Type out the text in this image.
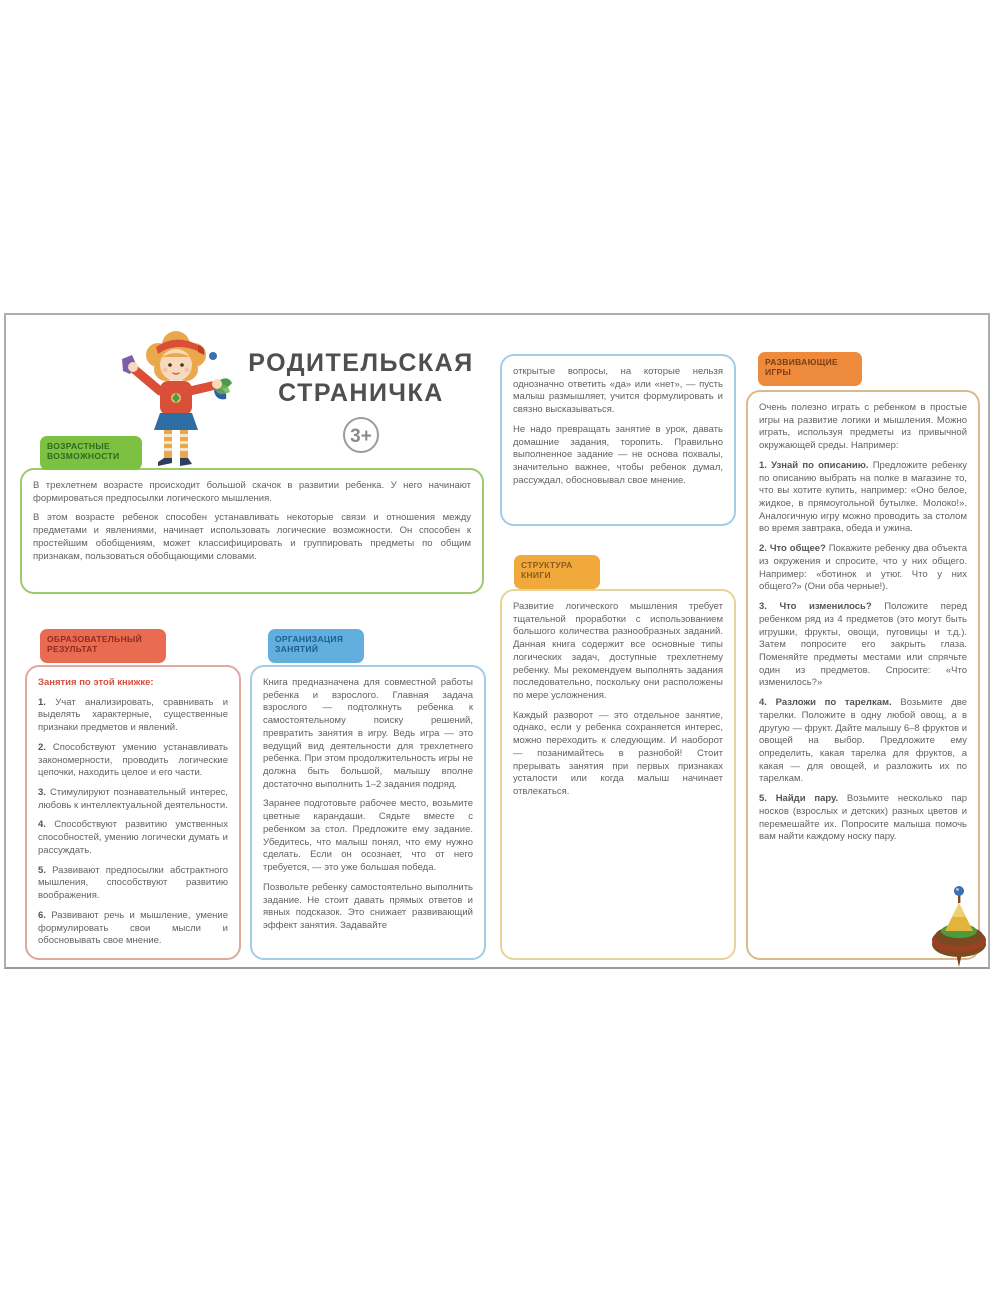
РОДИТЕЛЬСКАЯ
СТРАНИЧКА
3+
ВОЗРАСТНЫЕ ВОЗМОЖНОСТИ

В трехлетнем возрасте происходит большой скачок в развитии ребенка. У него начинают формироваться предпосылки логического мышления.

В этом возрасте ребенок способен устанавливать некоторые связи и отношения между предметами и явлениями, начинает использовать логические возможности. Он способен к простейшим обобщениям, может классифицировать и группировать предметы по общим признакам, пользоваться обобщающими словами.

ОБРАЗОВАТЕЛЬНЫЙ РЕЗУЛЬТАТ

Занятия по этой книжке:

1. Учат анализировать, сравнивать и выделять характерные, существенные признаки предметов и явлений.

2. Способствуют умению устанавливать закономерности, проводить логические цепочки, находить целое и его части.

3. Стимулируют познавательный интерес, любовь к интеллектуальной деятельности.

4. Способствуют развитию умственных способностей, умению логически думать и рассуждать.

5. Развивают предпосылки абстрактного мышления, способствуют развитию воображения.

6. Развивают речь и мышление, умение формулировать свои мысли и обосновывать свое мнение.

ОРГАНИЗАЦИЯ ЗАНЯТИЙ

Книга предназначена для совместной работы ребенка и взрослого. Главная задача взрослого — подтолкнуть ребенка к самостоятельному поиску решений, превратить занятия в игру. Ведь игра — это ведущий вид деятельности для трехлетнего ребенка. При этом продолжительность игры не должна быть большой, малышу вполне достаточно выполнить 1–2 задания подряд.

Заранее подготовьте рабочее место, возьмите цветные карандаши. Сядьте вместе с ребенком за стол. Предложите ему задание. Убедитесь, что малыш понял, что ему нужно сделать. Если он осознает, что от него требуется, — это уже большая победа.

Позвольте ребенку самостоятельно выполнить задание. Не стоит давать прямых ответов и явных подсказок. Это снижает развивающий эффект занятия. Задавайте

открытые вопросы, на которые нельзя однозначно ответить «да» или «нет», — пусть малыш размышляет, учится формулировать и связно высказываться.

Не надо превращать занятие в урок, давать домашние задания, торопить. Правильно выполненное задание — не основа похвалы, значительно важнее, чтобы ребенок думал, рассуждал, обосновывал свое мнение.

СТРУКТУРА КНИГИ

Развитие логического мышления требует тщательной проработки с использованием большого количества разнообразных заданий. Данная книга содержит все основные типы логических задач, доступные трехлетнему ребенку. Мы рекомендуем выполнять задания последовательно, поскольку они расположены по мере усложнения.

Каждый разворот — это отдельное занятие, однако, если у ребенка сохраняется интерес, можно переходить к следующим. И наоборот — позанимайтесь в разнобой! Стоит прерывать занятия при первых признаках усталости или когда малыш начинает отвлекаться.

РАЗВИВАЮЩИЕ ИГРЫ

Очень полезно играть с ребенком в простые игры на развитие логики и мышления. Можно играть, используя предметы из привычной окружающей среды. Например:

1. Узнай по описанию. Предложите ребенку по описанию выбрать на полке в магазине то, что вы хотите купить, например: «Оно белое, жидкое, в прямоугольной бутылке. Молоко!». Аналогичную игру можно проводить за столом во время завтрака, обеда и ужина.

2. Что общее? Покажите ребенку два объекта из окружения и спросите, что у них общего. Например: «ботинок и утюг. Что у них общего?» (Они оба черные!).

3. Что изменилось? Положите перед ребенком ряд из 4 предметов (это могут быть игрушки, фрукты, овощи, пуговицы и т.д.). Затем попросите его закрыть глаза. Поменяйте предметы местами или спрячьте один из предметов. Спросите: «Что изменилось?»

4. Разложи по тарелкам. Возьмите две тарелки. Положите в одну любой овощ, а в другую — фрукт. Дайте малышу 6–8 фруктов и овощей на выбор. Предложите ему определить, какая тарелка для фруктов, а какая — для овощей, и разложить их по тарелкам.

5. Найди пару. Возьмите несколько пар носков (взрослых и детских) разных цветов и перемешайте их. Попросите малыша помочь вам найти каждому носку пару.
